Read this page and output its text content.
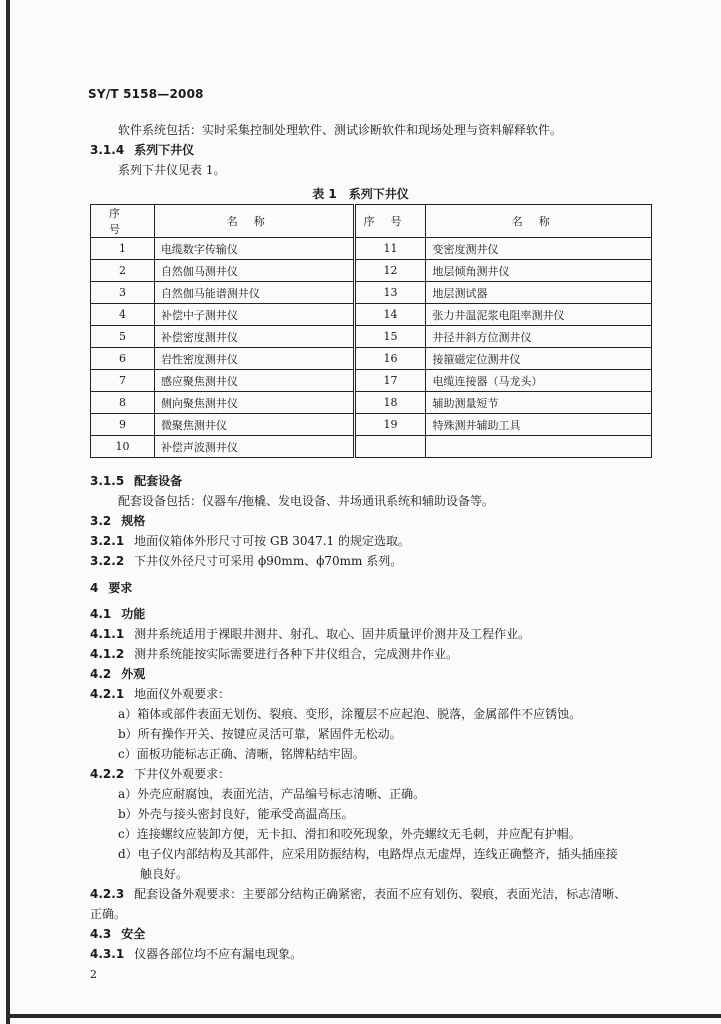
SY/T 5158—2008
软件系统包括：实时采集控制处理软件、测试诊断软件和现场处理与资料解释软件。
3.1.4 系列下井仪
系列下井仪见表 1。
表 1　系列下井仪
序号	名称	序号	名称
1	电缆数字传输仪	11	变密度测井仪
2	自然伽马测井仪	12	地层倾角测井仪
3	自然伽马能谱测井仪	13	地层测试器
4	补偿中子测井仪	14	张力井温泥浆电阻率测井仪
5	补偿密度测井仪	15	井径井斜方位测井仪
6	岩性密度测井仪	16	接箍磁定位测井仪
7	感应聚焦测井仪	17	电缆连接器（马龙头）
8	侧向聚焦测井仪	18	辅助测量短节
9	微聚焦测井仪	19	特殊测井辅助工具
10	补偿声波测井仪		
3.1.5 配套设备
配套设备包括：仪器车/拖橇、发电设备、井场通讯系统和辅助设备等。
3.2 规格
3.2.1 地面仪箱体外形尺寸可按 GB 3047.1 的规定选取。
3.2.2 下井仪外径尺寸可采用 ϕ90mm、ϕ70mm 系列。
4 要求
4.1 功能
4.1.1 测井系统适用于裸眼井测井、射孔、取心、固井质量评价测井及工程作业。
4.1.2 测井系统能按实际需要进行各种下井仪组合，完成测井作业。
4.2 外观
4.2.1 地面仪外观要求：
a）箱体或部件表面无划伤、裂痕、变形，涂覆层不应起泡、脱落，金属部件不应锈蚀。
b）所有操作开关、按键应灵活可靠，紧固件无松动。
c）面板功能标志正确、清晰，铭牌粘结牢固。
4.2.2 下井仪外观要求：
a）外壳应耐腐蚀，表面光洁，产品编号标志清晰、正确。
b）外壳与接头密封良好，能承受高温高压。
c）连接螺纹应装卸方便，无卡扣、滑扣和咬死现象，外壳螺纹无毛刺，并应配有护帽。
d）电子仪内部结构及其部件，应采用防振结构，电路焊点无虚焊，连线正确整齐，插头插座接
触良好。
4.2.3 配套设备外观要求：主要部分结构正确紧密，表面不应有划伤、裂痕，表面光洁，标志清晰、
正确。
4.3 安全
4.3.1 仪器各部位均不应有漏电现象。
2
